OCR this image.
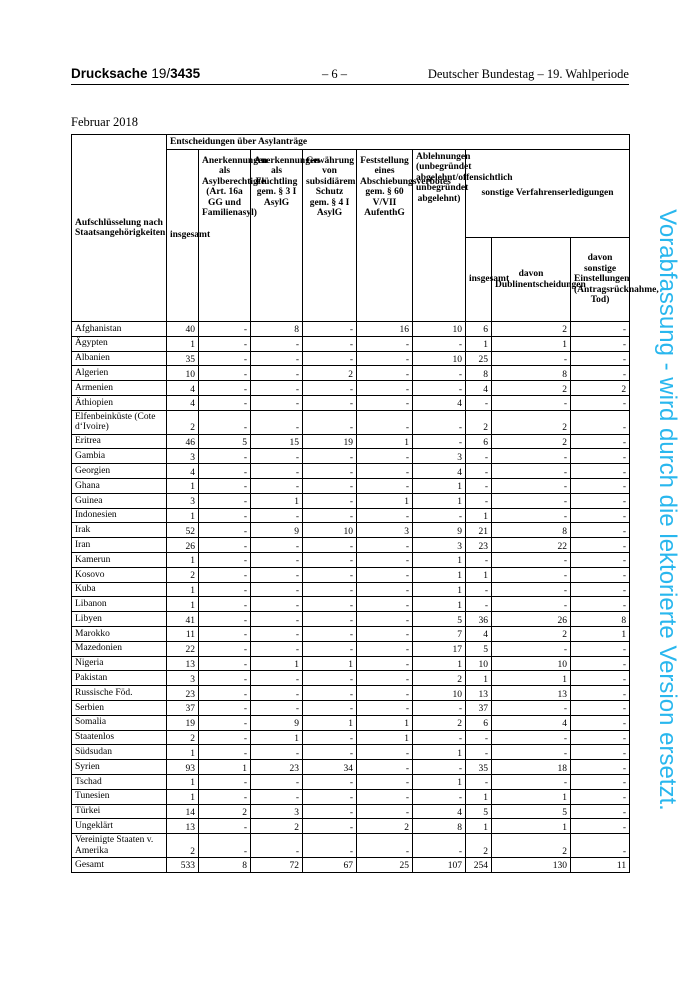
Drucksache 19/3435	– 6 –	Deutscher Bundestag – 19. Wahlperiode
Februar 2018
Vorabfassung - wird durch die lektorierte Version ersetzt.
Aufschlüsselung nach Staatsangehörigkeiten	Entscheidungen über Asylanträge								
	insgesamt	Anerkennungen als Asylberechtigte (Art. 16a GG und Familienasyl)	Anerkennungen als Flüchtling gem. § 3 I AsylG	Gewährung von subsidiärem Schutz gem. § 4 I AsylG	Feststellung eines Abschiebungsverbotes gem. § 60 V/VII AufenthG	Ablehnungen (unbegründet abgelehnt/offensichtlich unbegründet abgelehnt)	sonstige Verfahrenserledigungen		
							insgesamt	davon Dublinentscheidungen	davon sonstige Einstellungen (Antragsrücknahme, Tod)
Afghanistan	40	-	8	-	16	10	6	2	-
Ägypten	1	-	-	-	-	-	1	1	-
Albanien	35	-	-	-	-	10	25	-	-
Algerien	10	-	-	2	-	-	8	8	-
Armenien	4	-	-	-	-	-	4	2	2
Äthiopien	4	-	-	-	-	4	-	-	-
Elfenbeinküste (Cote d‘Ivoire)	2	-	-	-	-	-	2	2	-
Eritrea	46	5	15	19	1	-	6	2	-
Gambia	3	-	-	-	-	3	-	-	-
Georgien	4	-	-	-	-	4	-	-	-
Ghana	1	-	-	-	-	1	-	-	-
Guinea	3	-	1	-	1	1	-	-	-
Indonesien	1	-	-	-	-	-	1	-	-
Irak	52	-	9	10	3	9	21	8	-
Iran	26	-	-	-	-	3	23	22	-
Kamerun	1	-	-	-	-	1	-	-	-
Kosovo	2	-	-	-	-	1	1	-	-
Kuba	1	-	-	-	-	1	-	-	-
Libanon	1	-	-	-	-	1	-	-	-
Libyen	41	-	-	-	-	5	36	26	8
Marokko	11	-	-	-	-	7	4	2	1
Mazedonien	22	-	-	-	-	17	5	-	-
Nigeria	13	-	1	1	-	1	10	10	-
Pakistan	3	-	-	-	-	2	1	1	-
Russische Föd.	23	-	-	-	-	10	13	13	-
Serbien	37	-	-	-	-	-	37	-	-
Somalia	19	-	9	1	1	2	6	4	-
Staatenlos	2	-	1	-	1	-	-	-	-
Südsudan	1	-	-	-	-	1	-	-	-
Syrien	93	1	23	34	-	-	35	18	-
Tschad	1	-	-	-	-	1	-	-	-
Tunesien	1	-	-	-	-	-	1	1	-
Türkei	14	2	3	-	-	4	5	5	-
Ungeklärt	13	-	2	-	2	8	1	1	-
Vereinigte Staaten v. Amerika	2	-	-	-	-	-	2	2	-
Gesamt	533	8	72	67	25	107	254	130	11
